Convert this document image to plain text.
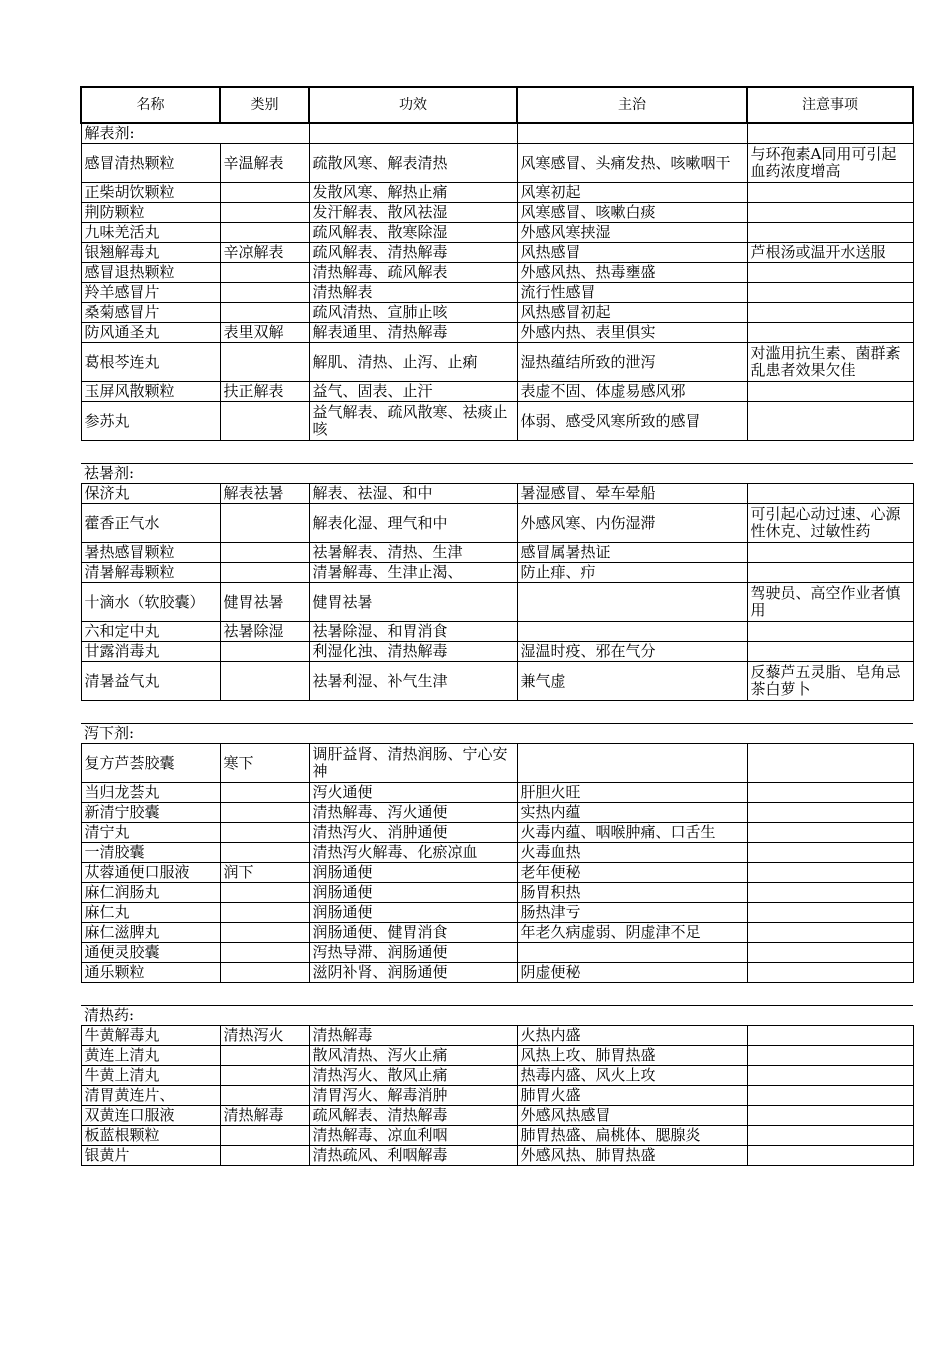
名称	类别	功效	主治	注意事项
解表剂:				
感冒清热颗粒	辛温解表	疏散风寒、解表清热	风寒感冒、头痛发热、咳嗽咽干	与环孢素A同用可引起血药浓度增高
正柴胡饮颗粒		发散风寒、解热止痛	风寒初起	
荆防颗粒		发汗解表、散风祛湿	风寒感冒、咳嗽白痰	
九味羌活丸		疏风解表、散寒除湿	外感风寒挟湿	
银翘解毒丸	辛凉解表	疏风解表、清热解毒	风热感冒	芦根汤或温开水送服
感冒退热颗粒		清热解毒、疏风解表	外感风热、热毒壅盛	
羚羊感冒片		清热解表	流行性感冒	
桑菊感冒片		疏风清热、宣肺止咳	风热感冒初起	
防风通圣丸	表里双解	解表通里、清热解毒	外感内热、表里俱实	
葛根芩连丸		解肌、清热、止泻、止痢	湿热蕴结所致的泄泻	对滥用抗生素、菌群紊乱患者效果欠佳
玉屏风散颗粒	扶正解表	益气、固表、止汗	表虚不固、体虚易感风邪	
参苏丸		益气解表、疏风散寒、祛痰止咳	体弱、感受风寒所致的感冒	

祛暑剂:				
保济丸	解表祛暑	解表、祛湿、和中	暑湿感冒、晕车晕船	
藿香正气水		解表化湿、理气和中	外感风寒、内伤湿滞	可引起心动过速、心源性休克、过敏性药
暑热感冒颗粒		祛暑解表、清热、生津	感冒属暑热证	
清暑解毒颗粒		清暑解毒、生津止渴、	防止痱、疖	
十滴水（软胶囊）	健胃祛暑	健胃祛暑		驾驶员、高空作业者慎用
六和定中丸	祛暑除湿	祛暑除湿、和胃消食		
甘露消毒丸		利湿化浊、清热解毒	湿温时疫、邪在气分	
清暑益气丸		祛暑利湿、补气生津	兼气虚	反藜芦五灵脂、皂角忌茶白萝卜

泻下剂:				
复方芦荟胶囊	寒下	调肝益肾、清热润肠、宁心安神		
当归龙荟丸		泻火通便	肝胆火旺	
新清宁胶囊		清热解毒、泻火通便	实热内蕴	
清宁丸		清热泻火、消肿通便	火毒内蕴、咽喉肿痛、口舌生	
一清胶囊		清热泻火解毒、化瘀凉血	火毒血热	
苁蓉通便口服液	润下	润肠通便	老年便秘	
麻仁润肠丸		润肠通便	肠胃积热	
麻仁丸		润肠通便	肠热津亏	
麻仁滋脾丸		润肠通便、健胃消食	年老久病虚弱、阴虚津不足	
通便灵胶囊		泻热导滞、润肠通便		
通乐颗粒		滋阴补肾、润肠通便	阴虚便秘	

清热药:				
牛黄解毒丸	清热泻火	清热解毒	火热内盛	
黄连上清丸		散风清热、泻火止痛	风热上攻、肺胃热盛	
牛黄上清丸		清热泻火、散风止痛	热毒内盛、风火上攻	
清胃黄连片、		清胃泻火、解毒消肿	肺胃火盛	
双黄连口服液	清热解毒	疏风解表、清热解毒	外感风热感冒	
板蓝根颗粒		清热解毒、凉血利咽	肺胃热盛、扁桃体、腮腺炎	
银黄片		清热疏风、利咽解毒	外感风热、肺胃热盛	
